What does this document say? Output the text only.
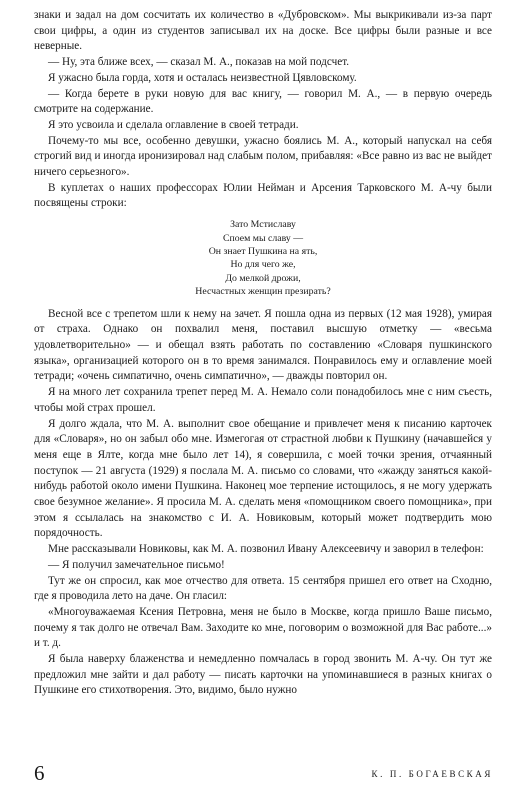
знаки и задал на дом сосчитать их количество в «Дубровском». Мы выкрикивали из-за парт свои цифры, а один из студентов записывал их на доске. Все цифры были разные и все неверные.

— Ну, эта ближе всех, — сказал М. А., показав на мой подсчет.

Я ужасно была горда, хотя и осталась неизвестной Цявловскому.

— Когда берете в руки новую для вас книгу, — говорил М. А., — в первую очередь смотрите на содержание.

Я это усвоила и сделала оглавление в своей тетради.

Почему-то мы все, особенно девушки, ужасно боялись М. А., который напускал на себя строгий вид и иногда иронизировал над слабым полом, прибавляя: «Все равно из вас не выйдет ничего серьезного».

В куплетах о наших профессорах Юлии Нейман и Арсения Тарковского М. А-чу были посвящены строки:

Зато Мстиславу
Споем мы славу —
Он знает Пушкина на ять,
Но для чего же,
До мелкой дрожи,
Несчастных женщин презирать?

Весной все с трепетом шли к нему на зачет. Я пошла одна из первых (12 мая 1928), умирая от страха. Однако он похвалил меня, поставил высшую отметку — «весьма удовлетворительно» — и обещал взять работать по составлению «Словаря пушкинского языка», организацией которого он в то время занимался. Понравилось ему и оглавление моей тетради; «очень симпатично, очень симпатично», — дважды повторил он.

Я на много лет сохранила трепет перед М. А. Немало соли понадобилось мне с ним съесть, чтобы мой страх прошел.

Я долго ждала, что М. А. выполнит свое обещание и привлечет меня к писанию карточек для «Словаря», но он забыл обо мне. Измегогая от страстной любви к Пушкину (начавшейся у меня еще в Ялте, когда мне было лет 14), я совершила, с моей точки зрения, отчаянный поступок — 21 августа (1929) я послала М. А. письмо со словами, что «жажду заняться какой-нибудь работой около имени Пушкина. Наконец мое терпение истощилось, я не могу удержать свое безумное желание». Я просила М. А. сделать меня «помощником своего помощника», при этом я ссылалась на знакомство с И. А. Новиковым, который может подтвердить мою порядочность.

Мне рассказывали Новиковы, как М. А. позвонил Ивану Алексеевичу и заворил в телефон:

— Я получил замечательное письмо!

Тут же он спросил, как мое отчество для ответа. 15 сентября пришел его ответ на Сходню, где я проводила лето на даче. Он гласил:

«Многоуважаемая Ксения Петровна, меня не было в Москве, когда пришло Ваше письмо, почему я так долго не отвечал Вам. Заходите ко мне, поговорим о возможной для Вас работе...» и т. д.

Я была наверху блаженства и немедленно помчалась в город звонить М. А-чу. Он тут же предложил мне зайти и дал работу — писать карточки на упоминавшиеся в разных книгах о Пушкине его стихотворения. Это, видимо, было нужно

6	К. П. БОГАЕВСКАЯ
